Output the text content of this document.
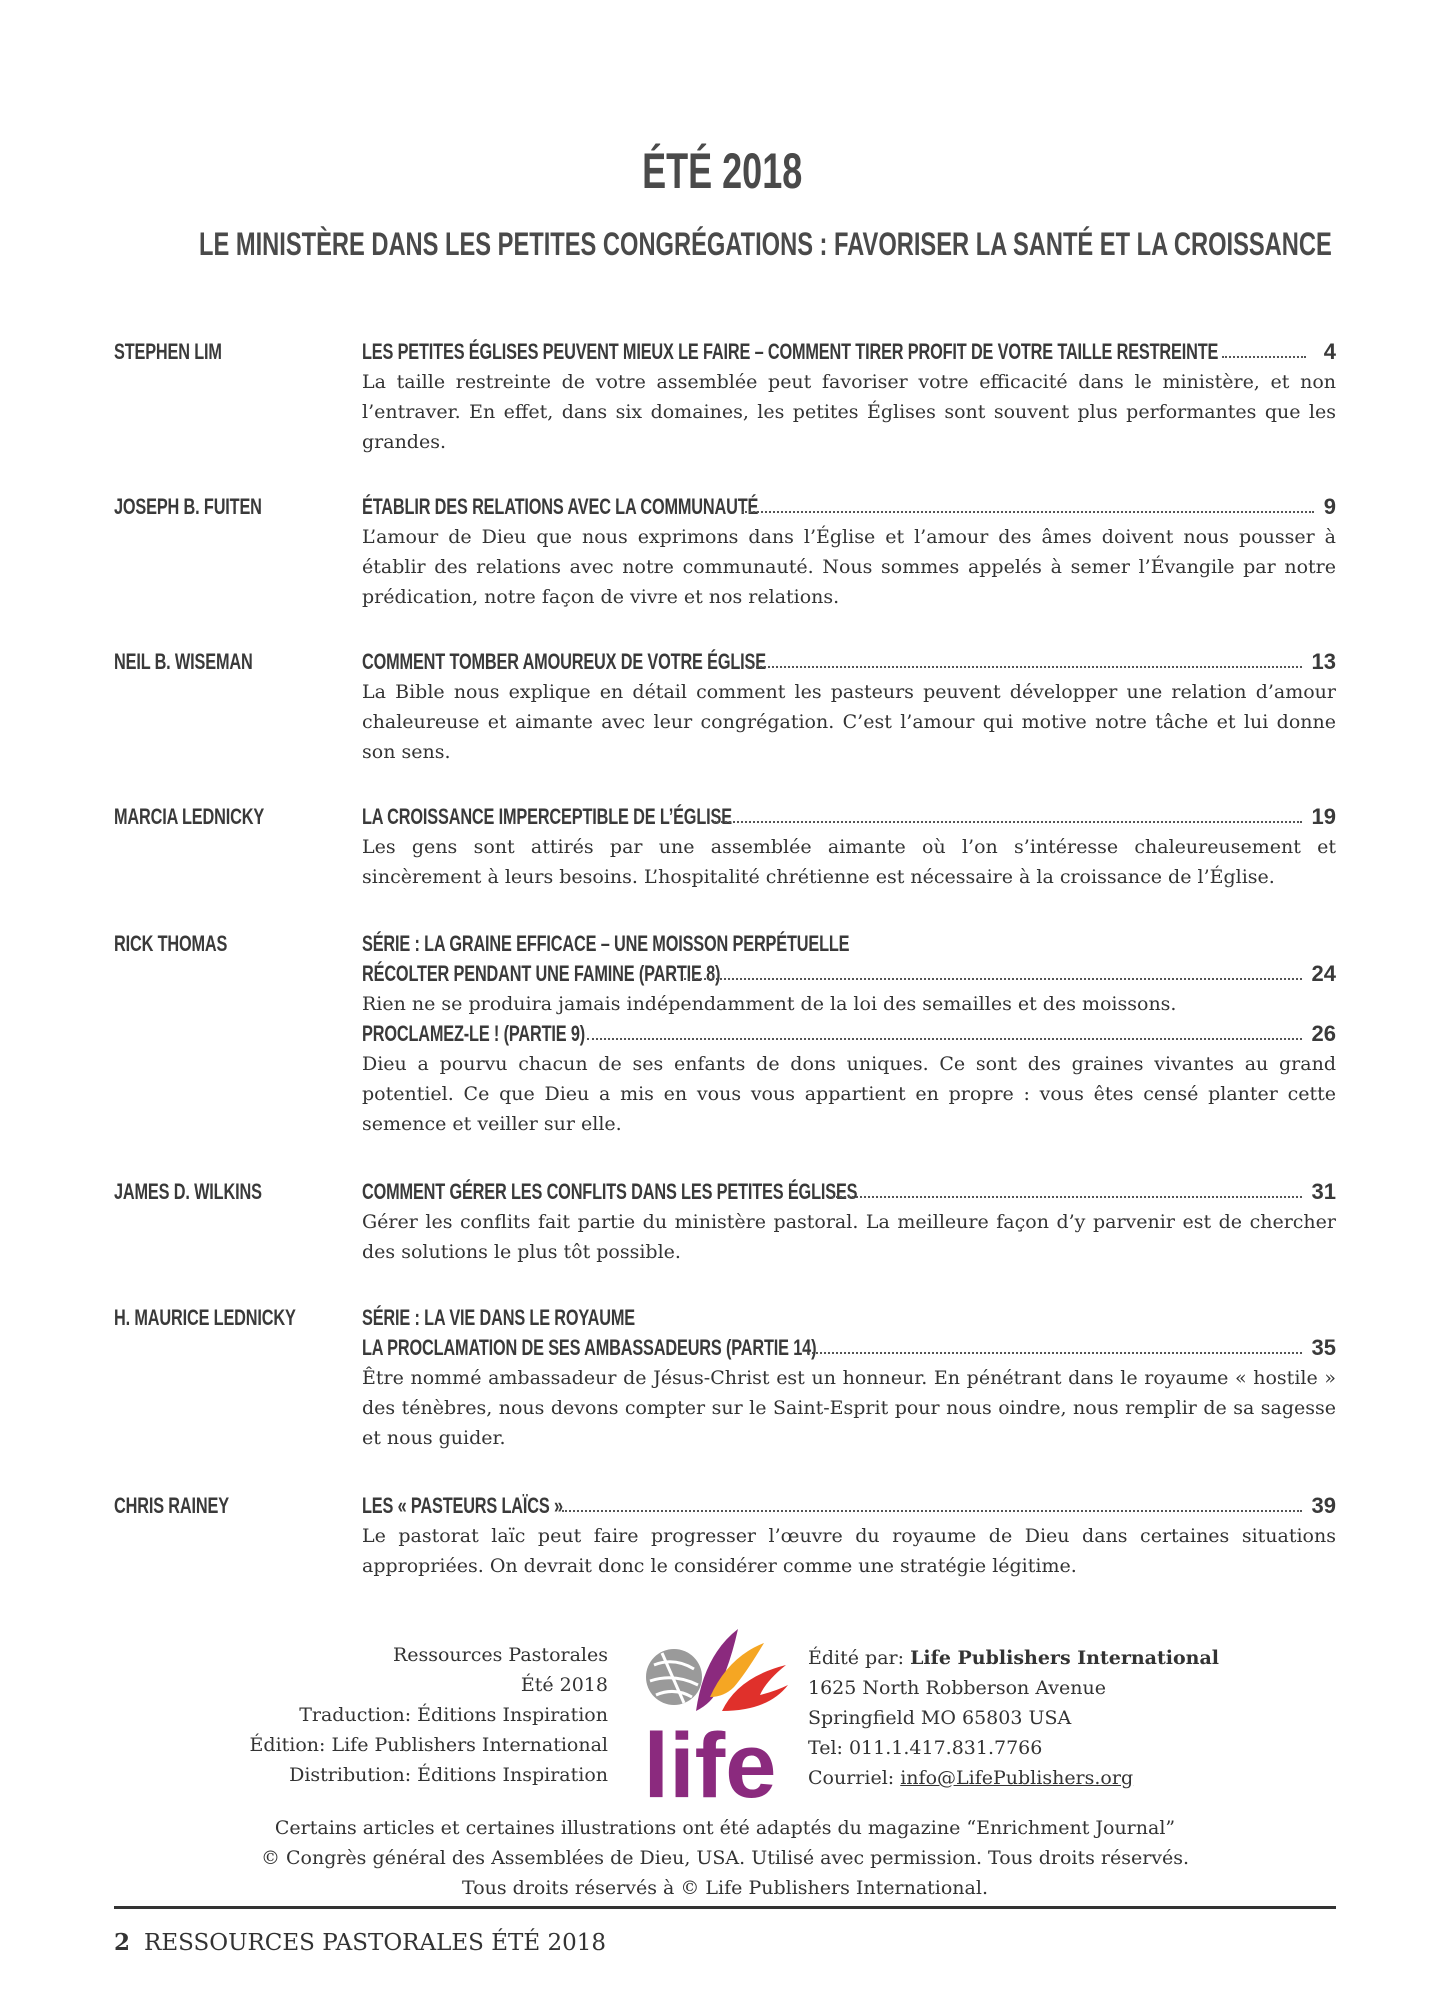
ÉTÉ 2018
LE MINISTÈRE DANS LES PETITES CONGRÉGATIONS : FAVORISER LA SANTÉ ET LA CROISSANCE
STEPHEN LIM	LES PETITES ÉGLISES PEUVENT MIEUX LE FAIRE – COMMENT TIRER PROFIT DE VOTRE TAILLE RESTREINTE	4

La taille restreinte de votre assemblée peut favoriser votre efficacité dans le ministère, et non l’entraver. En effet, dans six domaines, les petites Églises sont souvent plus performantes que les grandes.

JOSEPH B. FUITEN	ÉTABLIR DES RELATIONS AVEC LA COMMUNAUTÉ	9

L’amour de Dieu que nous exprimons dans l’Église et l’amour des âmes doivent nous pousser à établir des relations avec notre communauté. Nous sommes appelés à semer l’Évangile par notre prédication, notre façon de vivre et nos relations.

NEIL B. WISEMAN	COMMENT TOMBER AMOUREUX DE VOTRE ÉGLISE	13

La Bible nous explique en détail comment les pasteurs peuvent développer une relation d’amour chaleureuse et aimante avec leur congrégation. C’est l’amour qui motive notre tâche et lui donne son sens.

MARCIA LEDNICKY	LA CROISSANCE IMPERCEPTIBLE DE L’ÉGLISE	19

Les gens sont attirés par une assemblée aimante où l’on s’intéresse chaleureusement et sincèrement à leurs besoins. L’hospitalité chrétienne est nécessaire à la croissance de l’Église.

RICK THOMAS	SÉRIE : LA GRAINE EFFICACE – UNE MOISSON PERPÉTUELLE
RÉCOLTER PENDANT UNE FAMINE (PARTIE 8)	24

Rien ne se produira jamais indépendamment de la loi des semailles et des moissons.

PROCLAMEZ-LE ! (PARTIE 9)	26

Dieu a pourvu chacun de ses enfants de dons uniques. Ce sont des graines vivantes au grand potentiel. Ce que Dieu a mis en vous vous appartient en propre : vous êtes censé planter cette semence et veiller sur elle.

JAMES D. WILKINS	COMMENT GÉRER LES CONFLITS DANS LES PETITES ÉGLISES	31

Gérer les conflits fait partie du ministère pastoral. La meilleure façon d’y parvenir est de chercher des solutions le plus tôt possible.

H. MAURICE LEDNICKY	SÉRIE : LA VIE DANS LE ROYAUME
LA PROCLAMATION DE SES AMBASSADEURS (PARTIE 14)	35

Être nommé ambassadeur de Jésus-Christ est un honneur. En pénétrant dans le royaume « hostile » des ténèbres, nous devons compter sur le Saint-Esprit pour nous oindre, nous remplir de sa sagesse et nous guider.

CHRIS RAINEY	LES « PASTEURS LAÏCS »	39

Le pastorat laïc peut faire progresser l’œuvre du royaume de Dieu dans certaines situations appropriées. On devrait donc le considérer comme une stratégie légitime.

Ressources Pastorales
Été 2018
Traduction: Éditions Inspiration
Édition: Life Publishers International
Distribution: Éditions Inspiration life
Édité par: Life Publishers International
1625 North Robberson Avenue
Springfield MO 65803 USA
Tel: 011.1.417.831.7766
Courriel: info@LifePublishers.org
Certains articles et certaines illustrations ont été adaptés du magazine “Enrichment Journal”
© Congrès général des Assemblées de Dieu, USA. Utilisé avec permission. Tous droits réservés.
Tous droits réservés à © Life Publishers International.
2 RESSOURCES PASTORALES ÉTÉ 2018
